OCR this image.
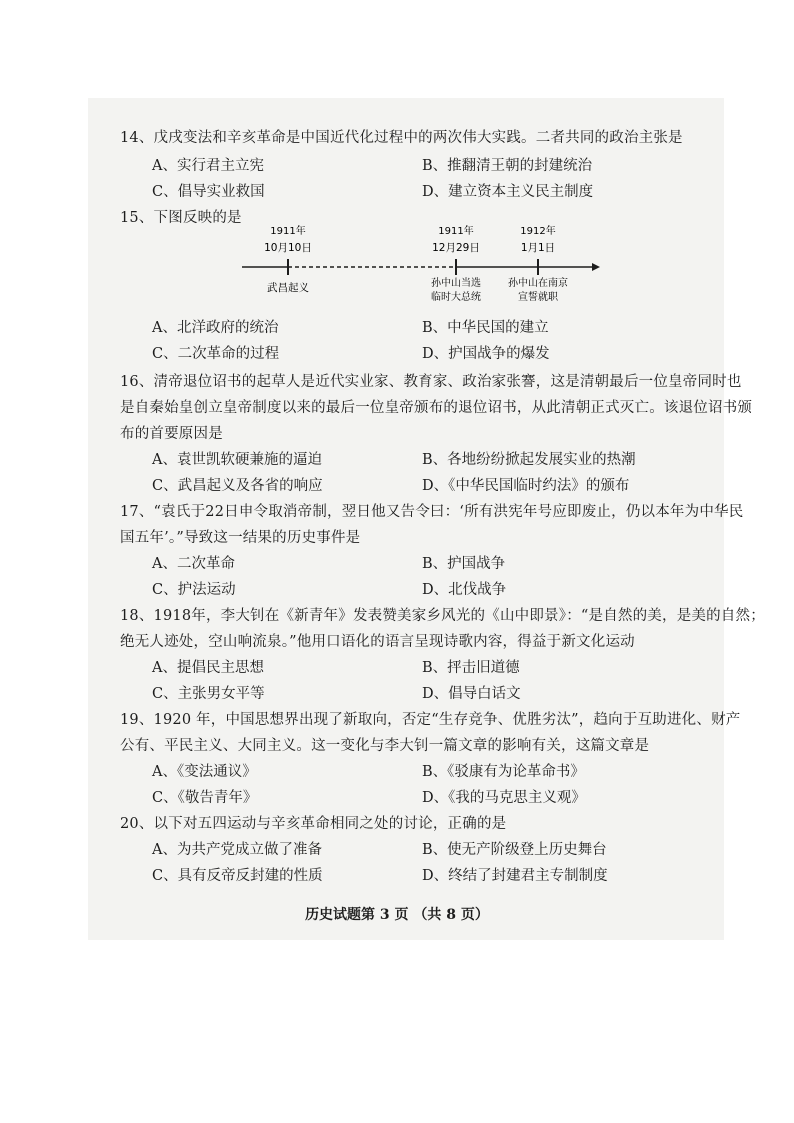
14、戊戌变法和辛亥革命是中国近代化过程中的两次伟大实践。二者共同的政治主张是
A、实行君主立宪	B、推翻清王朝的封建统治
C、倡导实业救国	D、建立资本主义民主制度
15、下图反映的是
1911年
10月10日
1911年
12月29日
1912年
1月1日
武昌起义	孙中山当选
临时大总统
孙中山在南京
宣誓就职
A、北洋政府的统治	B、中华民国的建立
C、二次革命的过程	D、护国战争的爆发
16、清帝退位诏书的起草人是近代实业家、教育家、政治家张謇，这是清朝最后一位皇帝同时也
是自秦始皇创立皇帝制度以来的最后一位皇帝颁布的退位诏书，从此清朝正式灭亡。该退位诏书颁
布的首要原因是
A、袁世凯软硬兼施的逼迫	B、各地纷纷掀起发展实业的热潮
C、武昌起义及各省的响应	D、《中华民国临时约法》的颁布
17、“袁氏于22日申令取消帝制，翌日他又告令曰：‘所有洪宪年号应即废止，仍以本年为中华民
国五年’。”导致这一结果的历史事件是
A、二次革命	B、护国战争
C、护法运动	D、北伐战争
18、1918年，李大钊在《新青年》发表赞美家乡风光的《山中即景》：“是自然的美，是美的自然；
绝无人迹处，空山响流泉。”他用口语化的语言呈现诗歌内容，得益于新文化运动
A、提倡民主思想	B、抨击旧道德
C、主张男女平等	D、倡导白话文
19、1920 年，中国思想界出现了新取向，否定“生存竞争、优胜劣汰”，趋向于互助进化、财产
公有、平民主义、大同主义。这一变化与李大钊一篇文章的影响有关，这篇文章是
A、《变法通议》	B、《驳康有为论革命书》
C、《敬告青年》	D、《我的马克思主义观》
20、以下对五四运动与辛亥革命相同之处的讨论，正确的是
A、为共产党成立做了准备	B、使无产阶级登上历史舞台
C、具有反帝反封建的性质	D、终结了封建君主专制制度
历史试题第 3 页 （共 8 页）
